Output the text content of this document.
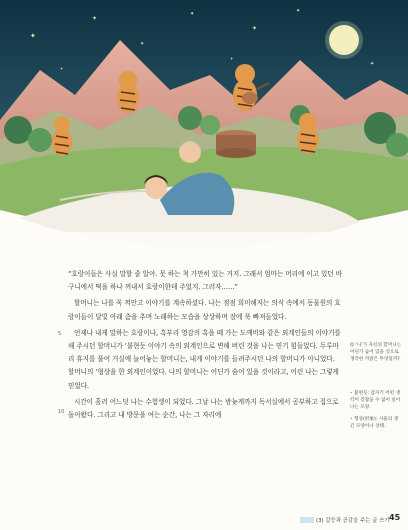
✦
✦
✦
✦
✦
✦
✦
✦
✦

“호랑이들은 사실 말할 줄 알아. 못 하는 척 가만히 있는 거지. 그래서 엄마는 머리에 이고 있던 바구니에서 떡을 하나 꺼내서 호랑이한테 주었지. 그러자……”

할머니는 나를 꼭 껴안고 이야기를 계속하셨다. 나는 점점 희미해지는 의식 속에서 동물원의 호랑이들이 달빛 아래 춤을 추며 노래하는 모습을 상상하며 잠에 푹 빠져들었다.

언제나 내게 말하는 호랑이나, 흑부리 영감의 혹을 떼 가는 도깨비와 같은 외계인들의 이야기를 해 주시던 할머니가 ‘불현듯 이야기 속의 외계인으로 변해 버린 것을 나는 믿기 힘들었다. 두루마리 휴지를 풀어 거실에 늘어놓는 할머니는, 내게 이야기를 들려주시던 나의 할머니가 아니었다. 할머니의 ‘형상을 한 외계인이었다. 나의 할머니는 어딘가 숨어 있을 것이라고, 어린 나는 그렇게 믿었다.

시간이 흘러 어느덧 나는 수험생이 되었다. 그날 나는 밤늦게까지 독서실에서 공부하고 집으로 돌아왔다. 그리고 내 방문을 여는 순간, 나는 그 자리에

5
10
Q ‘나’가 자신의 할머니는 어딘가 숨어 있을 것으로 생각한 까닭은 무엇일까?
• 불현듯: 갑자기 어떤 생각이 걷잡을 수 없이 일어나는 모양.
• 형상(形象): 사물의 생긴 모양이나 상태.
(3) 갈등과 공감을 주는 글 쓰기 45
